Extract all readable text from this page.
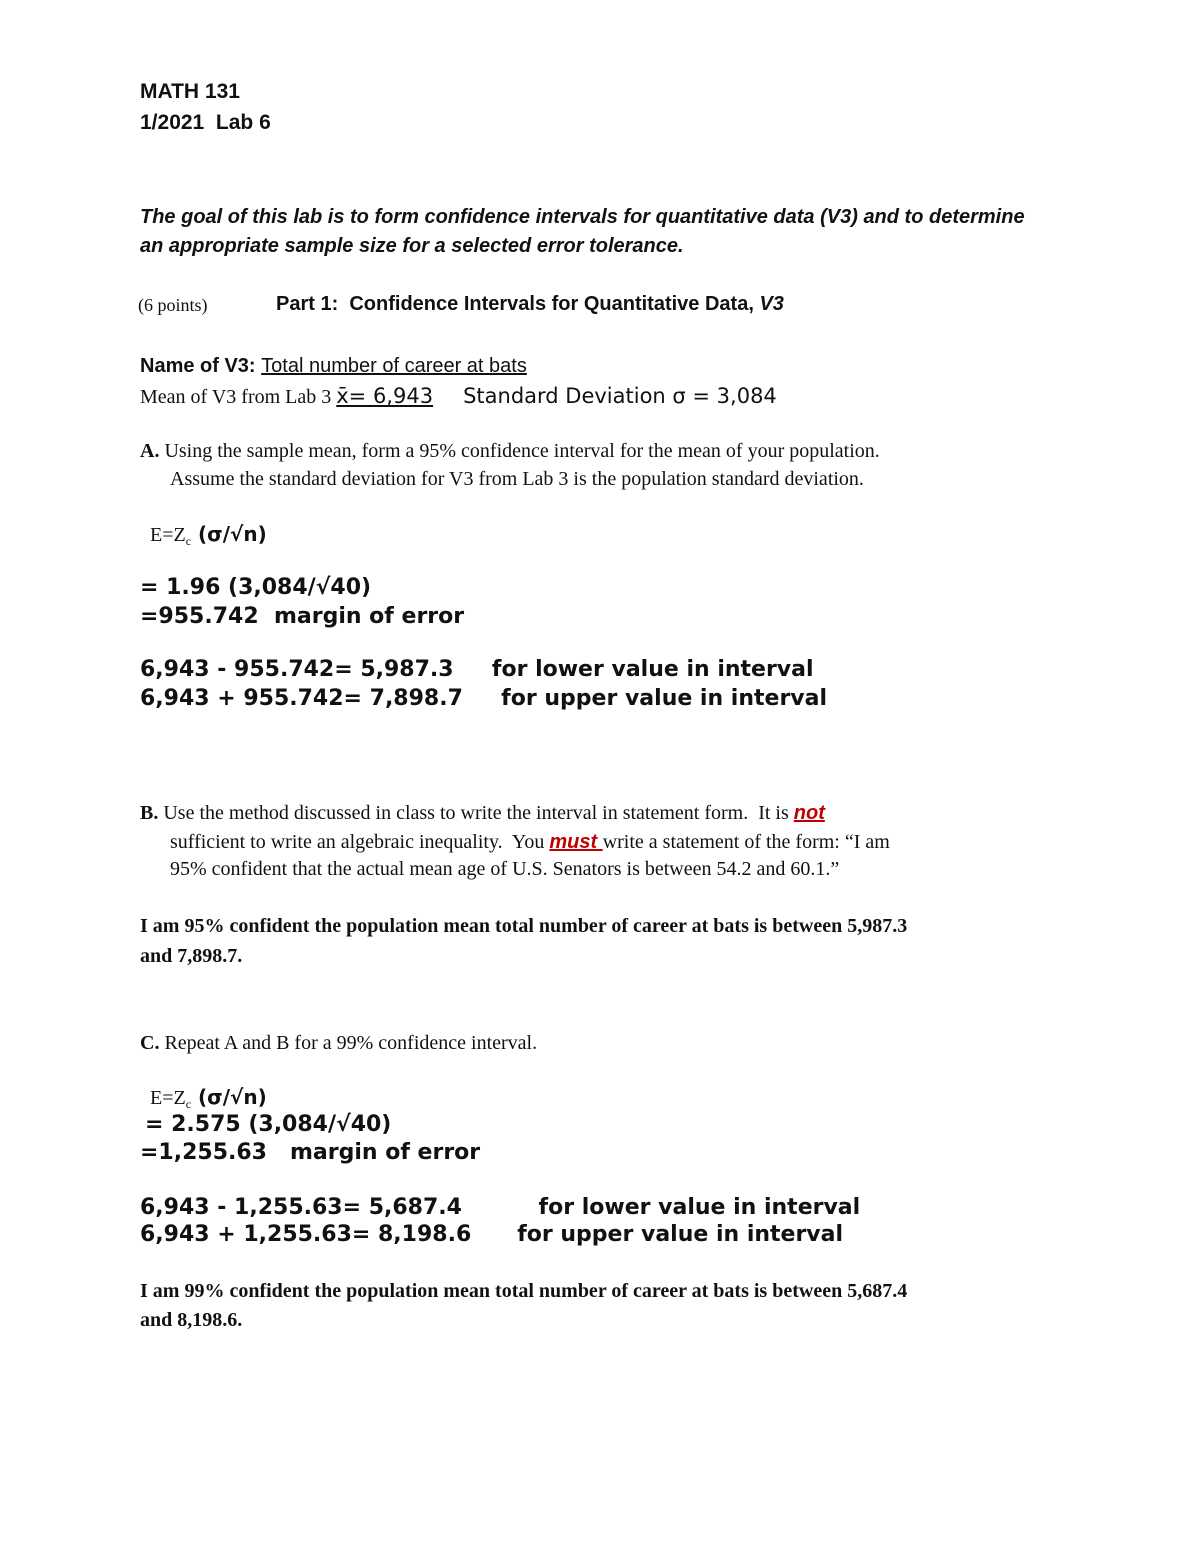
MATH 131
1/2021  Lab 6
The goal of this lab is to form confidence intervals for quantitative data (V3) and to determine
an appropriate sample size for a selected error tolerance.
(6 points)	Part 1:  Confidence Intervals for Quantitative Data, V3
Name of V3: Total number of career at bats
Mean of V3 from Lab 3 x̄= 6,943 Standard Deviation σ = 3,084
A. Using the sample mean, form a 95% confidence interval for the mean of your population.
Assume the standard deviation for V3 from Lab 3 is the population standard deviation.
$E=Z_c$ (σ/√n)
= 1.96 (3,084/√40)
=955.742  margin of error
6,943 - 955.742= 5,987.3     for lower value in interval
6,943 + 955.742= 7,898.7     for upper value in interval
B. Use the method discussed in class to write the interval in statement form.  It is not
sufficient to write an algebraic inequality.  You must write a statement of the form: “I am
95% confident that the actual mean age of U.S. Senators is between 54.2 and 60.1.”
I am 95% confident the population mean total number of career at bats is between 5,987.3
and 7,898.7.
C. Repeat A and B for a 99% confidence interval.
$E=Z_c$ (σ/√n)
= 2.575 (3,084/√40)
=1,255.63   margin of error
6,943 - 1,255.63= 5,687.4          for lower value in interval
6,943 + 1,255.63= 8,198.6      for upper value in interval
I am 99% confident the population mean total number of career at bats is between 5,687.4
and 8,198.6.
